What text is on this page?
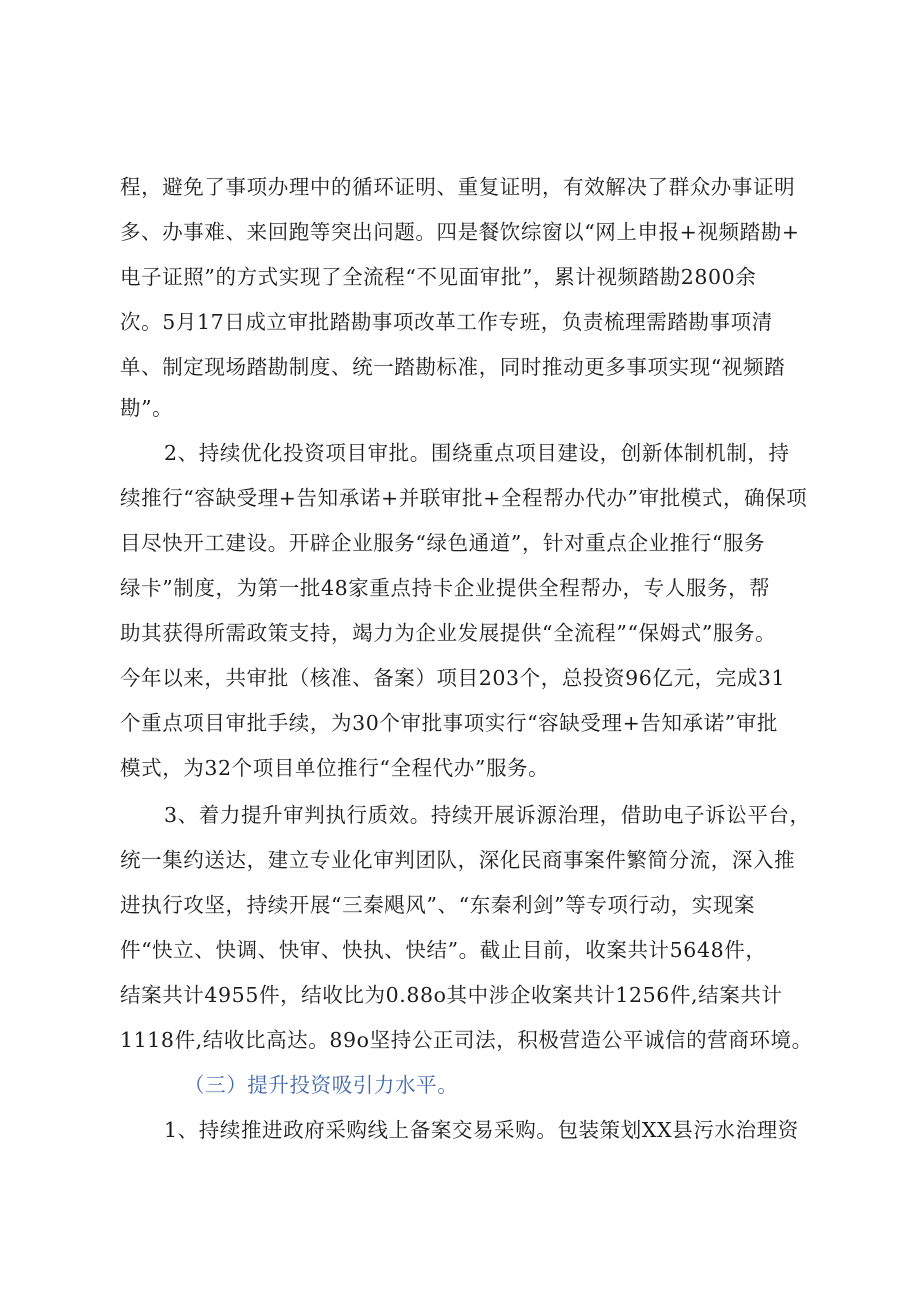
程，避免了事项办理中的循环证明、重复证明，有效解决了群众办事证明
多、办事难、来回跑等突出问题。四是餐饮综窗以“网上申报+视频踏勘+
电子证照”的方式实现了全流程“不见面审批”，累计视频踏勘2800余
次。5月17日成立审批踏勘事项改革工作专班，负责梳理需踏勘事项清
单、制定现场踏勘制度、统一踏勘标准，同时推动更多事项实现“视频踏
勘”。
2、持续优化投资项目审批。围绕重点项目建设，创新体制机制，持
续推行“容缺受理+告知承诺+并联审批+全程帮办代办”审批模式，确保项
目尽快开工建设。开辟企业服务“绿色通道”，针对重点企业推行“服务
绿卡”制度，为第一批48家重点持卡企业提供全程帮办，专人服务，帮
助其获得所需政策支持，竭力为企业发展提供“全流程”“保姆式”服务。
今年以来，共审批（核准、备案）项目203个，总投资96亿元，完成31
个重点项目审批手续，为30个审批事项实行“容缺受理+告知承诺”审批
模式，为32个项目单位推行“全程代办”服务。
3、着力提升审判执行质效。持续开展诉源治理，借助电子诉讼平台，
统一集约送达，建立专业化审判团队，深化民商事案件繁简分流，深入推
进执行攻坚，持续开展“三秦飓风”、“东秦利剑”等专项行动，实现案
件“快立、快调、快审、快执、快结”。截止目前，收案共计5648件，
结案共计4955件，结收比为0.88o其中涉企收案共计1256件,结案共计
1118件,结收比高达。89o坚持公正司法，积极营造公平诚信的营商环境。
（三）提升投资吸引力水平。
1、持续推进政府采购线上备案交易采购。包装策划XX县污水治理资
